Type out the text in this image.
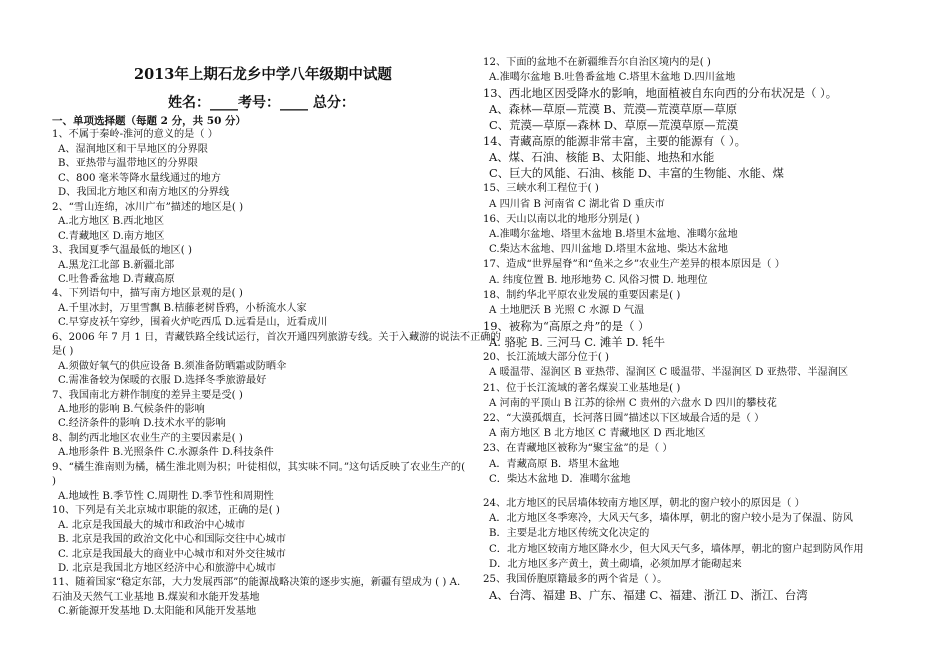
2013年上期石龙乡中学八年级期中试题
姓名：____考号：____ 总分：
一、单项选择题（每题 2 分，共 50 分）
1、不属于秦岭-淮河的意义的是（ ）
A、湿润地区和干旱地区的分界限
B、亚热带与温带地区的分界限
C、800 毫米等降水量线通过的地方
D、我国北方地区和南方地区的分界线
2、“雪山连绵，冰川广布”描述的地区是( )
A.北方地区 B.西北地区
C.青藏地区 D.南方地区
3、我国夏季气温最低的地区( )
A.黑龙江北部 B.新疆北部
C.吐鲁番盆地 D.青藏高原
4、下列语句中，描写南方地区景观的是( )
A.千里冰封，万里雪飘 B.桔藤老树昏鸦，小桥流水人家
C.早穿皮袄午穿纱，围着火炉吃西瓜 D.远看是山，近看成川
6、2006 年 7 月 1 日，青藏铁路全线试运行，首次开通四列旅游专线。关于入藏游的说法不正确的
是( )
A.须做好氧气的供应设备 B.须准备防晒霜或防晒伞
C.需准备较为保暖的衣服 D.选择冬季旅游最好
7、我国南北方耕作制度的差异主要是受( )
A.地形的影响 B.气候条件的影响
C.经济条件的影响 D.技术水平的影响
8、制约西北地区农业生产的主要因素是( )
A.地形条件 B.光照条件 C.水源条件 D.科技条件
9、“橘生淮南则为橘，橘生淮北则为枳；叶徒相似，其实味不同。”这句话反映了农业生产的(
)
A.地域性 B.季节性 C.周期性 D.季节性和周期性
10、下列是有关北京城市职能的叙述，正确的是( )
A. 北京是我国最大的城市和政治中心城市
B. 北京是我国的政治文化中心和国际交往中心城市
C. 北京是我国最大的商业中心城市和对外交往城市
D. 北京是我国北方地区经济中心和旅游中心城市
11、随着国家“稳定东部，大力发展西部”的能源战略决策的逐步实施，新疆有望成为 ( ) A.
石油及天然气工业基地 B.煤炭和水能开发基地
C.新能源开发基地 D.太阳能和风能开发基地
12、下面的盆地不在新疆维吾尔自治区境内的是( )
A.准噶尔盆地 B.吐鲁番盆地 C.塔里木盆地 D.四川盆地
13、西北地区因受降水的影响，地面植被自东向西的分布状况是（ ）。
A、森林—草原—荒漠 B、荒漠—荒漠草原—草原
C、荒漠—草原—森林 D、草原—荒漠草原—荒漠
14、青藏高原的能源非常丰富，主要的能源有（ ）。
A、煤、石油、核能 B、太阳能、地热和水能
C、巨大的风能、石油、核能 D、丰富的生物能、水能、煤
15、三峡水利工程位于( )
A 四川省 B 河南省 C 湖北省 D 重庆市
16、天山以南以北的地形分别是( )
A.准噶尔盆地、塔里木盆地 B.塔里木盆地、准噶尔盆地
C.柴达木盆地、四川盆地 D.塔里木盆地、柴达木盆地
17、造成“世界屋脊”和“鱼米之乡”农业生产差异的根本原因是（ ）
A. 纬度位置 B. 地形地势 C. 风俗习惯 D. 地理位
18、制约华北平原农业发展的重要因素是( )
A 土地肥沃 B 光照 C 水源 D 气温
19、被称为“高原之舟”的是（ ）
A. 骆驼 B. 三河马 C. 滩羊 D. 牦牛
20、长江流域大部分位于( )
A 暖温带、湿润区 B 亚热带、湿润区 C 暖温带、半湿润区 D 亚热带、半湿润区
21、位于长江流域的著名煤炭工业基地是( )
A 河南的平顶山 B 江苏的徐州 C 贵州的六盘水 D 四川的攀枝花
22、“大漠孤烟直，长河落日圆”描述以下区域最合适的是（ ）
A 南方地区 B 北方地区 C 青藏地区 D 西北地区
23、在青藏地区被称为“聚宝盆”的是（ ）
A．青藏高原 B．塔里木盆地
C．柴达木盆地 D．准噶尔盆地
24、北方地区的民居墙体较南方地区厚，朝北的窗户较小的原因是（ ）
A．北方地区冬季寒冷，大风天气多，墙体厚，朝北的窗户较小是为了保温、防风
B．主要是北方地区传统文化决定的
C．北方地区较南方地区降水少，但大风天气多，墙体厚，朝北的窗户起到防风作用
D．北方地区多产黄土，黄土砌墙，必须加厚才能砌起来
25、我国侨胞原籍最多的两个省是（ ）。
A、台湾、福建 B、广东、福建 C、福建、浙江 D、浙江、台湾
